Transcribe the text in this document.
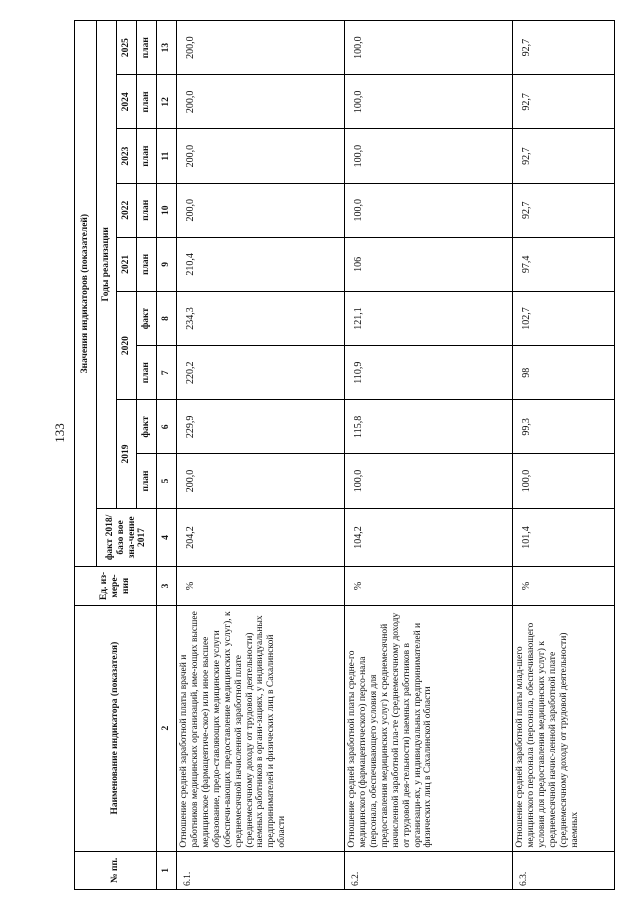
133
№ пп.	Наименование индикатора (показателя)	Ед. из-мере-ния	Значения индикаторов (показателей)									
			факт 2018/базо вое зна-чение 2017	Годы реализации								
				2019		2020		2021	2022	2023	2024	2025
				план	факт	план	факт	план	план	план	план	план
1	2	3	4	5	6	7	8	9	10	11	12	13
6.1.	Отношение средней заработной платы врачей и работников медицинских организаций, име-ющих высшее медицинское (фармацевтиче-ское) или иное высшее образование, предо-ставляющих медицинские услуги (обеспечи-вающих предоставление медицинских услуг), к среднемесячной начисленной заработной плате (среднемесячному доходу от трудовой деятельности) наемных работников в органи-зациях, у индивидуальных предпринимателей и физических лиц в Сахалинской области	%	204,2	200,0	229,9	220,2	234,3	210,4	200,0	200,0	200,0	200,0
6.2.	Отношение средней заработной платы средне-го медицинского (фармацевтического) персо-нала (персонала, обеспечивающего условия для предоставления медицинских услуг) к среднемесячной начисленной заработной пла-те (среднемесячному доходу от трудовой дея-тельности) наемных работников в организаци-ях, у индивидуальных предпринимателей и физических лиц в Сахалинской области	%	104,2	100,0	115,8	110,9	121,1	106	100,0	100,0	100,0	100,0
6.3.	Отношение средней заработной платы млад-шего медицинского персонала (персонала, обеспечивающего условия для предоставления медицинских услуг) к среднемесячной начис-ленной заработной плате (среднемесячному доходу от трудовой деятельности) наемных	%	101,4	100,0	99,3	98	102,7	97,4	92,7	92,7	92,7	92,7
